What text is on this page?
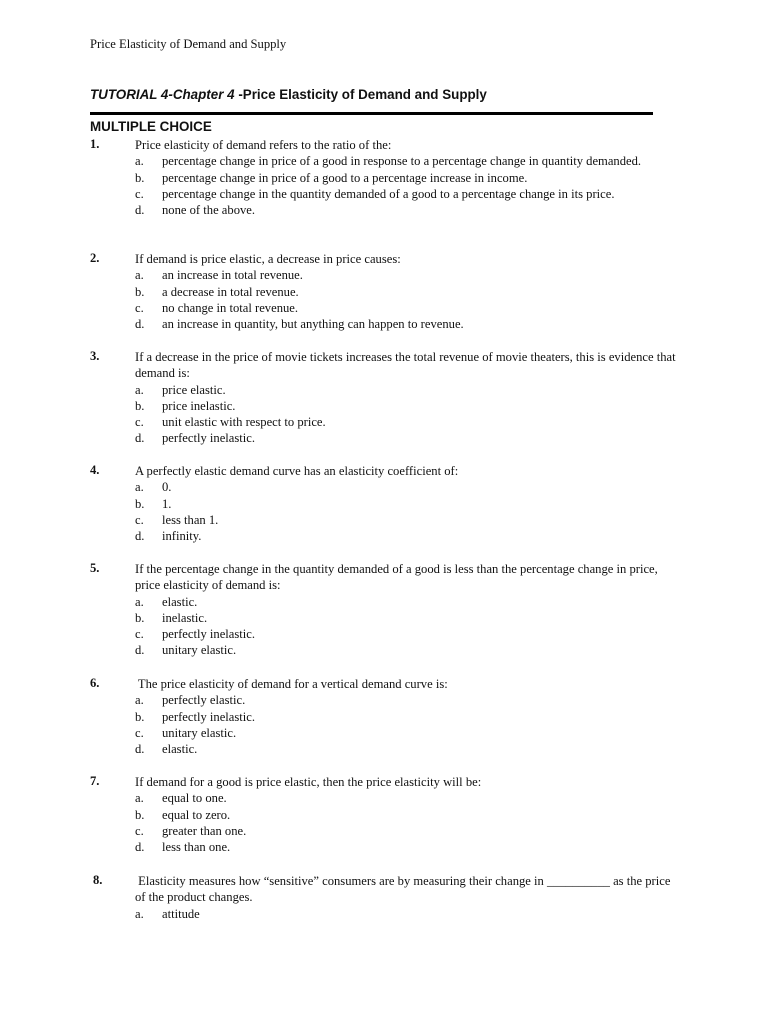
Price Elasticity of Demand and Supply
TUTORIAL 4-Chapter 4 -Price Elasticity of Demand and Supply
MULTIPLE CHOICE
1.	Price elasticity of demand refers to the ratio of the:
a. percentage change in price of a good in response to a percentage change in quantity demanded.
b. percentage change in price of a good to a percentage increase in income.
c. percentage change in the quantity demanded of a good to a percentage change in its price.
d. none of the above.
2.	If demand is price elastic, a decrease in price causes:
a. an increase in total revenue.
b. a decrease in total revenue.
c. no change in total revenue.
d. an increase in quantity, but anything can happen to revenue.
3.	If a decrease in the price of movie tickets increases the total revenue of movie theaters, this is evidence that demand is:
a. price elastic.
b. price inelastic.
c. unit elastic with respect to price.
d. perfectly inelastic.
4.	A perfectly elastic demand curve has an elasticity coefficient of:
a. 0.
b. 1.
c. less than 1.
d. infinity.
5.	If the percentage change in the quantity demanded of a good is less than the percentage change in price, price elasticity of demand is:
a. elastic.
b. inelastic.
c. perfectly inelastic.
d. unitary elastic.
6.	The price elasticity of demand for a vertical demand curve is:
a. perfectly elastic.
b. perfectly inelastic.
c. unitary elastic.
d. elastic.
7.	If demand for a good is price elastic, then the price elasticity will be:
a. equal to one.
b. equal to zero.
c. greater than one.
d. less than one.
8.	Elasticity measures how “sensitive” consumers are by measuring their change in __________ as the price of the product changes.
a. attitude
